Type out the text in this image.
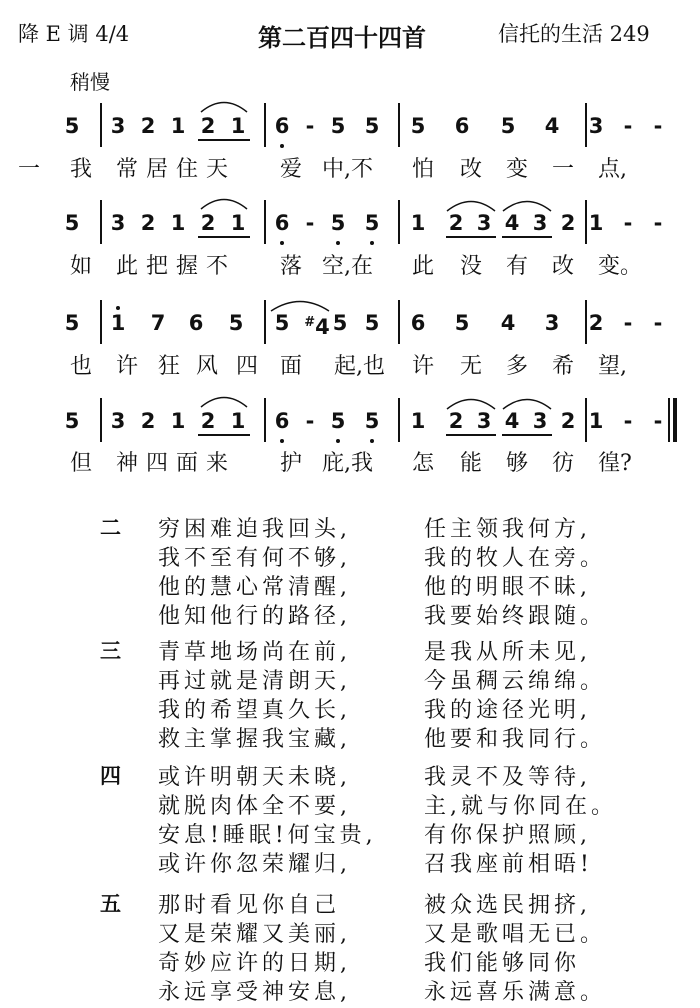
降 E 调 4/4	第二百四十四首	信托的生活 249
稍慢
5 3 2 1 2 1 6 - 5 5 5 6 5 4 3 - -
5 3 2 1 2 1 6 - 5 5 1 2 3 4 3 2 1 - -
5 1 7 6 5 5 #4 5 5 6 5 4 3 2 - -
5 3 2 1 2 1 6 - 5 5 1 2 3 4 3 2 1 - -
一 我 常 居 住 天 爱 中,不 怕 改 变 一 点,
如 此 把 握 不 落 空,在 此 没 有 改 变。
也 许 狂 风 四 面 起,也 许 无 多 希 望,
但 神 四 面 来 护 庇,我 怎 能 够 彷 徨?
二 穷困难迫我回头,	任主领我何方,
我不至有何不够,	我的牧人在旁。
他的慧心常清醒,	他的明眼不昧,
他知他行的路径,	我要始终跟随。
三 青草地场尚在前,	是我从所未见,
再过就是清朗天,	今虽稠云绵绵。
我的希望真久长,	我的途径光明,
救主掌握我宝藏,	他要和我同行。
四 或许明朝天未晓,	我灵不及等待,
就脱肉体全不要,	主,就与你同在。
安息!睡眠!何宝贵, 有你保护照顾,
或许你忽荣耀归,	召我座前相晤!
五 那时看见你自己	被众选民拥挤,
又是荣耀又美丽,	又是歌唱无已。
奇妙应许的日期,	我们能够同你
永远享受神安息,	永远喜乐满意。
